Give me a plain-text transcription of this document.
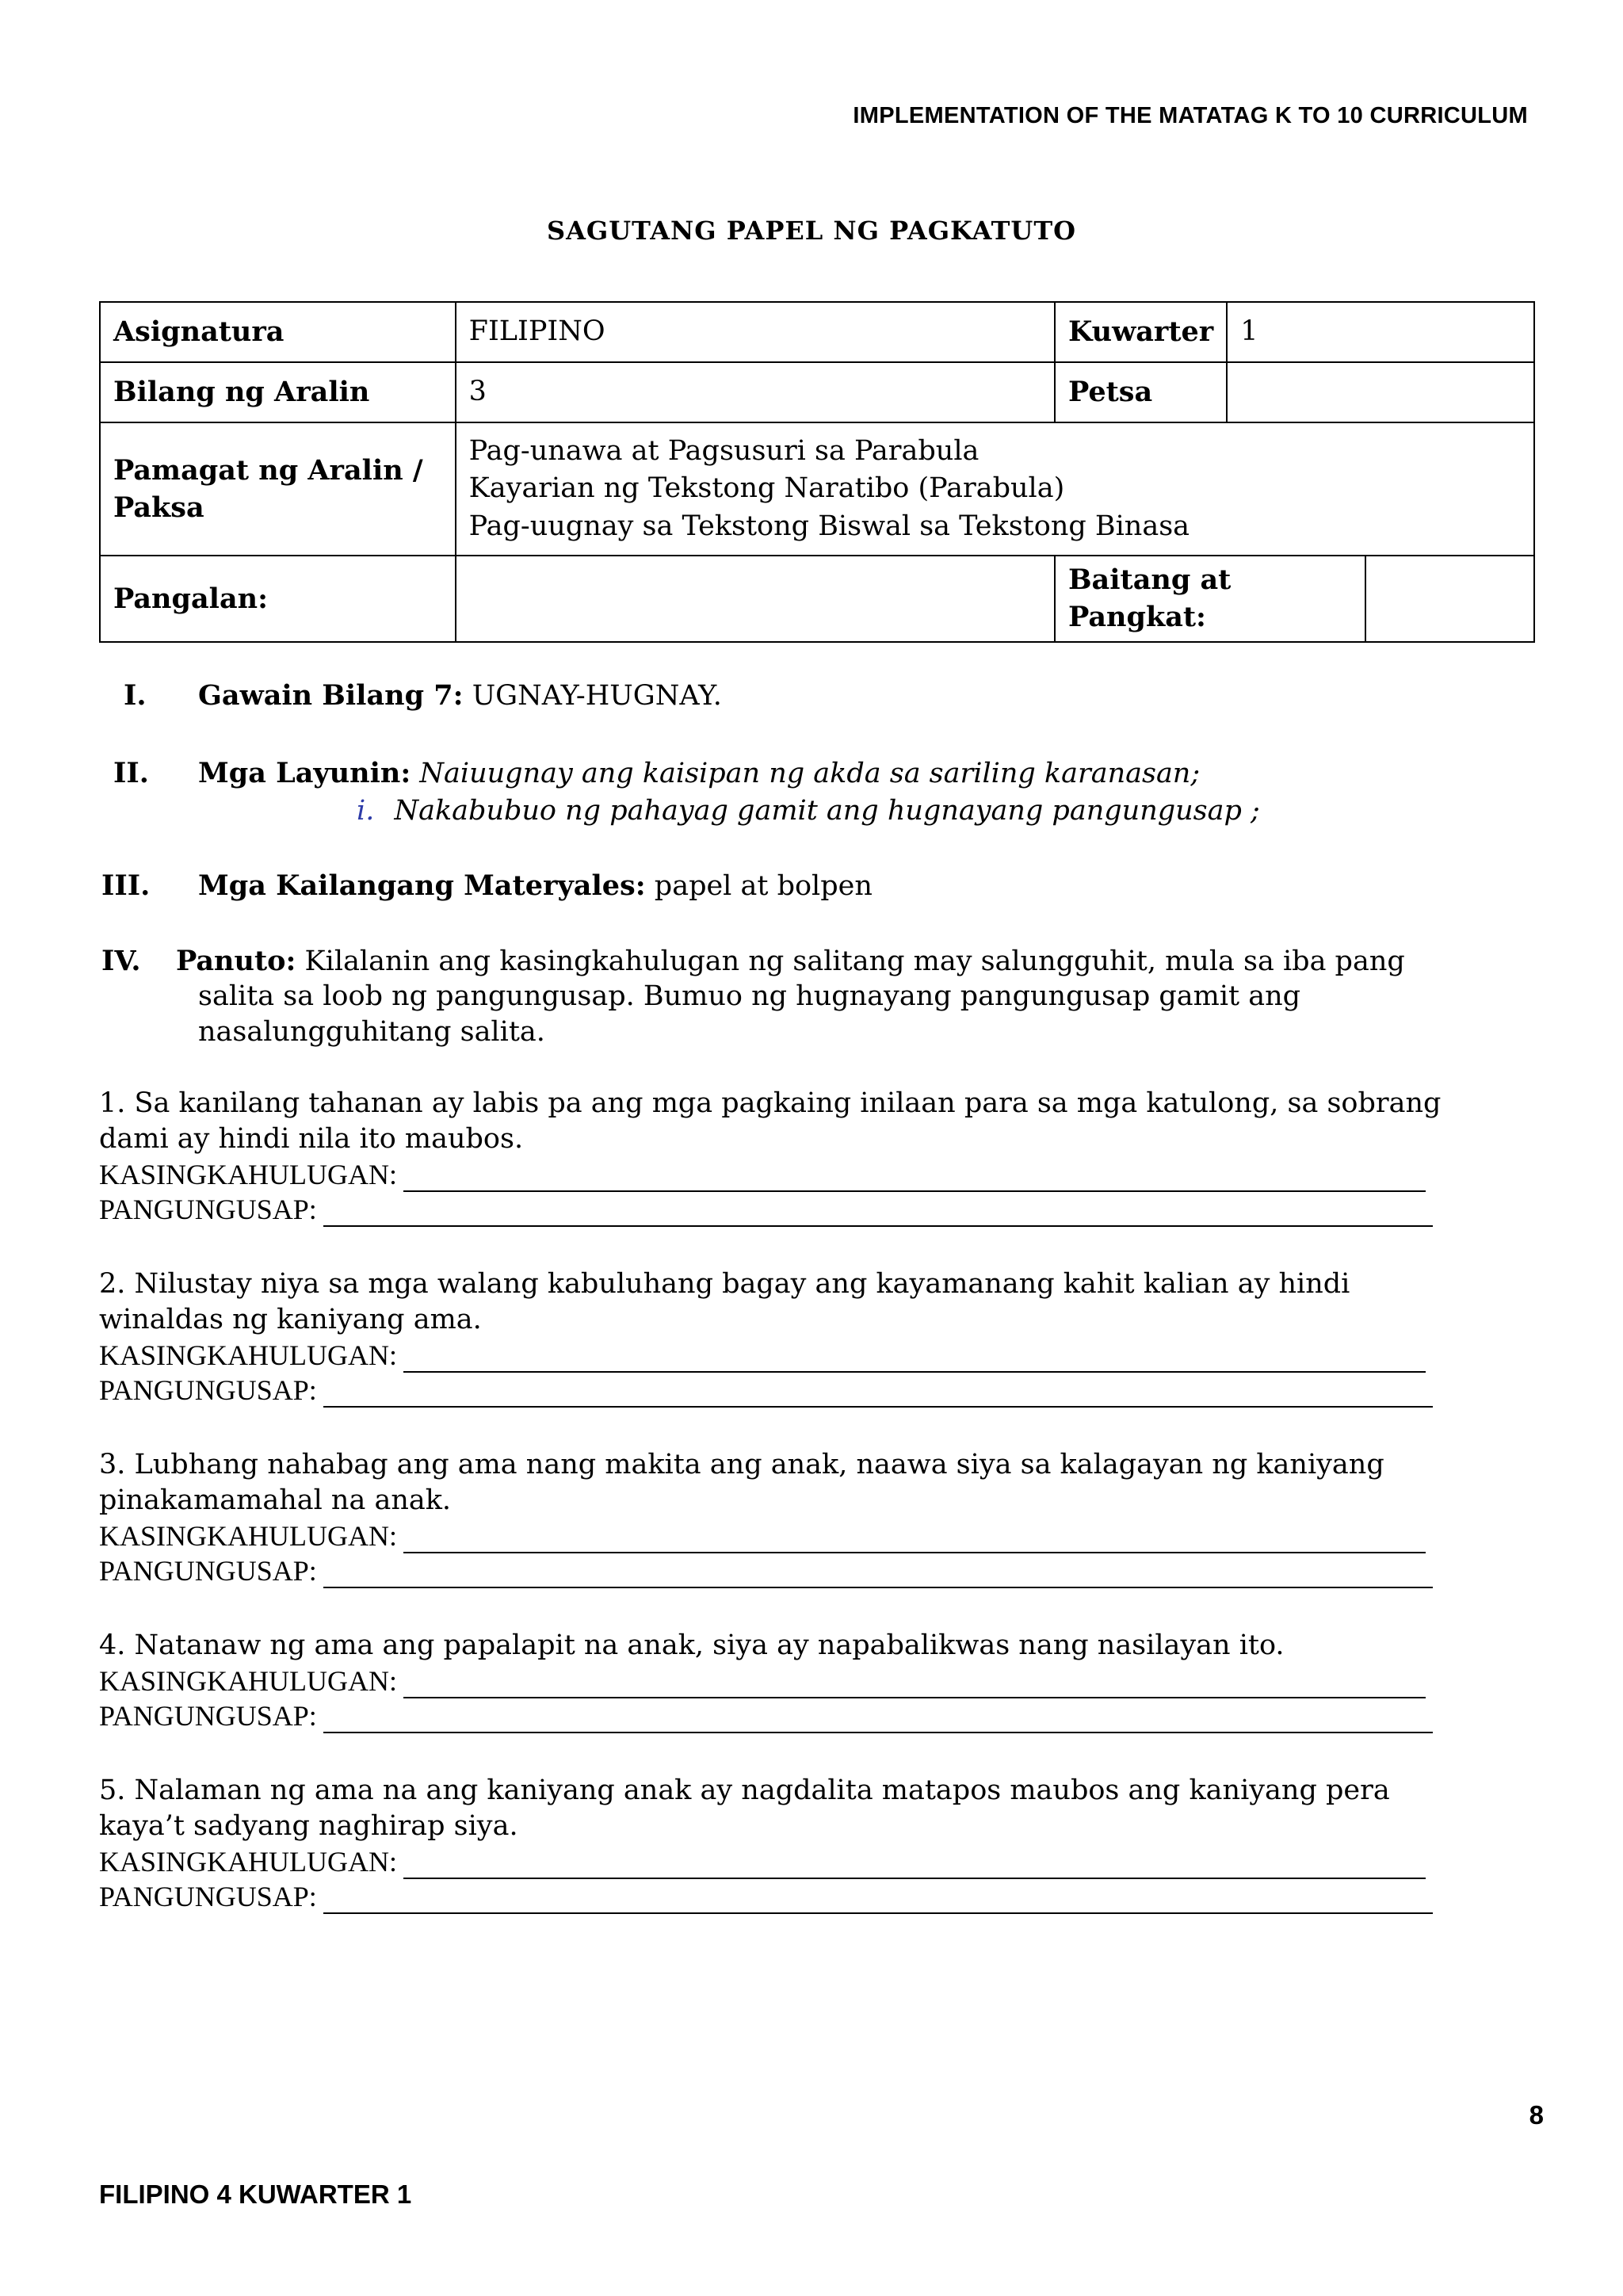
IMPLEMENTATION OF THE MATATAG K TO 10 CURRICULUM
SAGUTANG PAPEL NG PAGKATUTO
Asignatura	FILIPINO	Kuwarter	1	
Bilang ng Aralin	3	Petsa		

Pamagat ng Aralin /
Paksa	Pag-unawa at Pagsusuri sa Parabula
Kayarian ng Tekstong Naratibo (Parabula)
Pag-uugnay sa Tekstong Biswal sa Tekstong Binasa			

Pangalan:		Baitang at
Pangkat:		

I. Gawain Bilang 7: UGNAY-HUGNAY.
II. Mga Layunin: Naiuugnay ang kaisipan ng akda sa sariling karanasan;
i. Nakabubuo ng pahayag gamit ang hugnayang pangungusap ;
III. Mga Kailangang Materyales: papel at bolpen
IV. Panuto: Kilalanin ang kasingkahulugan ng salitang may salungguhit, mula sa iba pang
salita sa loob ng pangungusap. Bumuo ng hugnayang pangungusap gamit ang
nasalungguhitang salita.
1. Sa kanilang tahanan ay labis pa ang mga pagkaing inilaan para sa mga katulong, sa sobrang
dami ay hindi nila ito maubos.
KASINGKAHULUGAN:
PANGUNGUSAP:
2. Nilustay niya sa mga walang kabuluhang bagay ang kayamanang kahit kalian ay hindi
winaldas ng kaniyang ama.
KASINGKAHULUGAN:
PANGUNGUSAP:
3. Lubhang nahabag ang ama nang makita ang anak, naawa siya sa kalagayan ng kaniyang
pinakamamahal na anak.
KASINGKAHULUGAN:
PANGUNGUSAP:
4. Natanaw ng ama ang papalapit na anak, siya ay napabalikwas nang nasilayan ito.
KASINGKAHULUGAN:
PANGUNGUSAP:
5. Nalaman ng ama na ang kaniyang anak ay nagdalita matapos maubos ang kaniyang pera
kaya’t sadyang naghirap siya.
KASINGKAHULUGAN:
PANGUNGUSAP:
8
FILIPINO 4 KUWARTER 1
